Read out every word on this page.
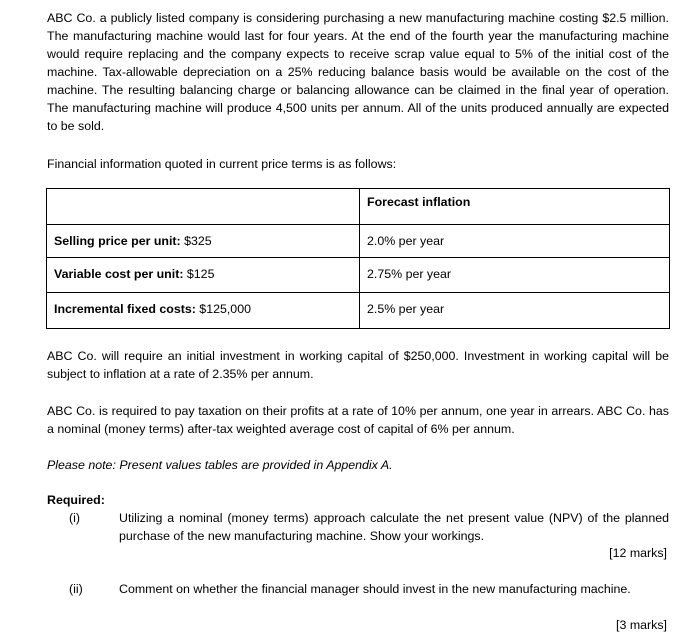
ABC Co. a publicly listed company is considering purchasing a new manufacturing machine costing $2.5 million. The manufacturing machine would last for four years. At the end of the fourth year the manufacturing machine would require replacing and the company expects to receive scrap value equal to 5% of the initial cost of the machine. Tax-allowable depreciation on a 25% reducing balance basis would be available on the cost of the machine. The resulting balancing charge or balancing allowance can be claimed in the final year of operation. The manufacturing machine will produce 4,500 units per annum. All of the units produced annually are expected to be sold.

Financial information quoted in current price terms is as follows:

	Forecast inflation
Selling price per unit: $325	2.0% per year
Variable cost per unit: $125	2.75% per year
Incremental fixed costs: $125,000	2.5% per year

ABC Co. will require an initial investment in working capital of $250,000. Investment in working capital will be subject to inflation at a rate of 2.35% per annum.

ABC Co. is required to pay taxation on their profits at a rate of 10% per annum, one year in arrears. ABC Co. has a nominal (money terms) after-tax weighted average cost of capital of 6% per annum.

Please note: Present values tables are provided in Appendix A.

Required:
(i)	Utilizing a nominal (money terms) approach calculate the net present value (NPV) of the planned purchase of the new manufacturing machine. Show your workings.

[12 marks]
(ii)	Comment on whether the financial manager should invest in the new manufacturing machine.

[3 marks]
